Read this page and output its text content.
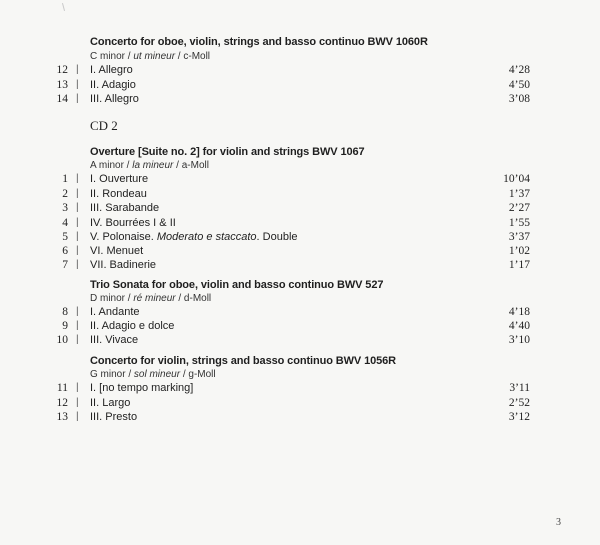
Concerto for oboe, violin, strings and basso continuo BWV 1060R
C minor / ut mineur / c-Moll
12 | I. Allegro	4’28
13 | II. Adagio	4’50
14 | III. Allegro	3’08
CD 2
Overture [Suite no. 2] for violin and strings BWV 1067
A minor / la mineur / a-Moll
1 | I. Ouverture	10’04
2 | II. Rondeau	1’37
3 | III. Sarabande	2’27
4 | IV. Bourrées I & II	1’55
5 | V. Polonaise. Moderato e staccato. Double	3’37
6 | VI. Menuet	1’02
7 | VII. Badinerie	1’17
Trio Sonata for oboe, violin and basso continuo BWV 527
D minor / ré mineur / d-Moll
8 | I. Andante	4’18
9 | II. Adagio e dolce	4’40
10 | III. Vivace	3’10
Concerto for violin, strings and basso continuo BWV 1056R
G minor / sol mineur / g-Moll
11 | I. [no tempo marking]	3’11
12 | II. Largo	2’52
13 | III. Presto	3’12
3
